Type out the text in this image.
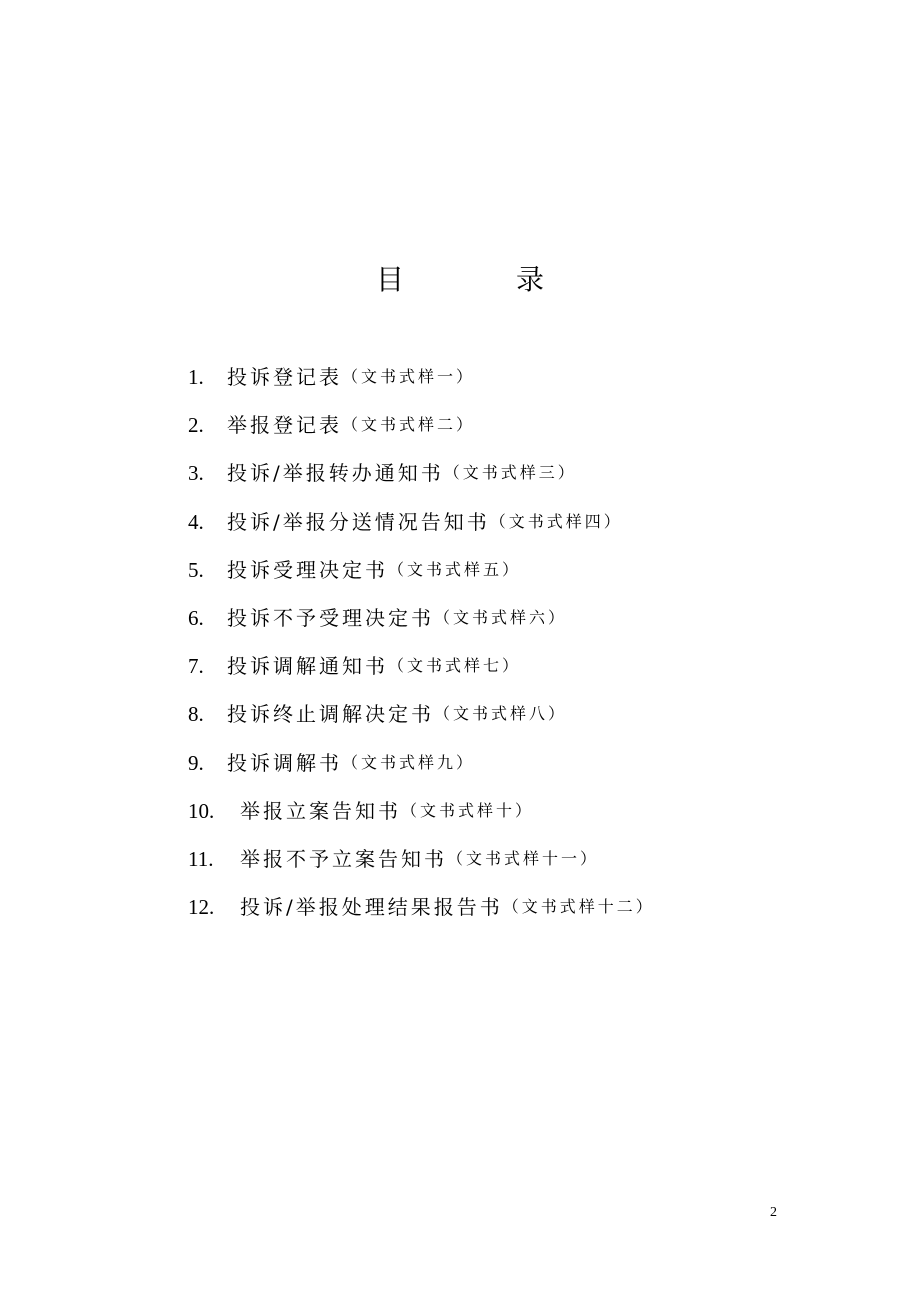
目　录
1.	投诉登记表 （文书式样一）
2.	举报登记表 （文书式样二）
3.	投诉/举报转办通知书 （文书式样三）
4.	投诉/举报分送情况告知书 （文书式样四）
5.	投诉受理决定书 （文书式样五）
6.	投诉不予受理决定书 （文书式样六）
7.	投诉调解通知书 （文书式样七）
8.	投诉终止调解决定书 （文书式样八）
9.	投诉调解书 （文书式样九）
10.	举报立案告知书 （文书式样十）
11.	举报不予立案告知书 （文书式样十一）
12.	投诉/举报处理结果报告书 （文书式样十二）
2
